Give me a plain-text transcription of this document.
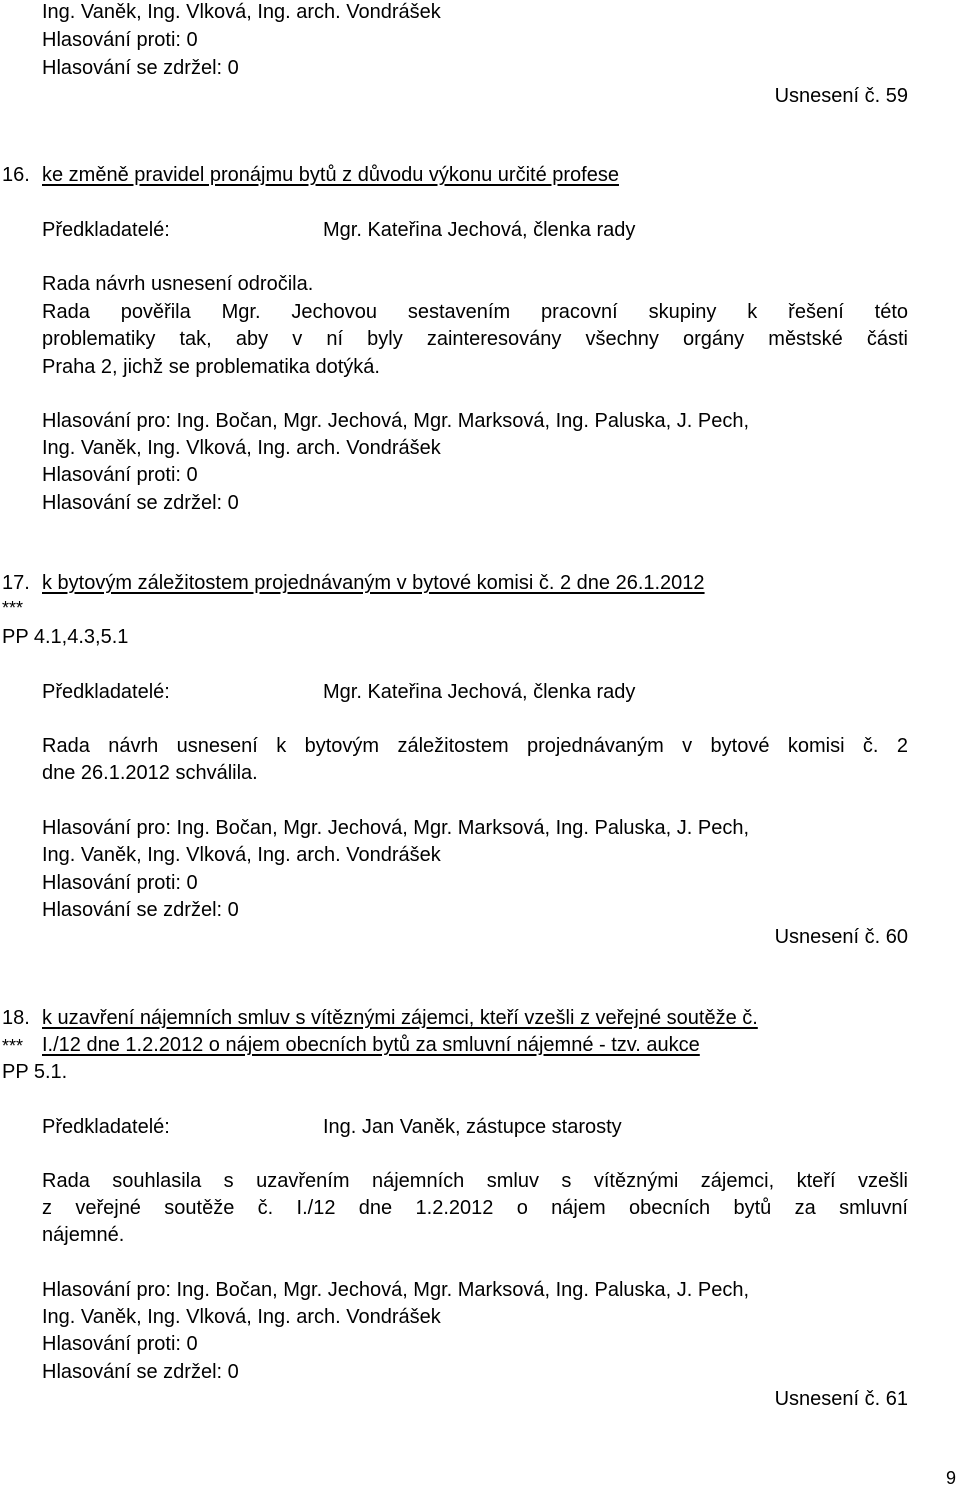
Ing. Vaněk, Ing. Vlková, Ing. arch. Vondrášek
Hlasování proti: 0
Hlasování se zdržel: 0
Usnesení č. 59
16. ke změně pravidel pronájmu bytů z důvodu výkonu určité profese
Předkladatelé:	Mgr. Kateřina Jechová, členka rady
Rada návrh usnesení odročila.
Rada pověřila Mgr. Jechovou sestavením pracovní skupiny k řešení této
problematiky tak, aby v ní byly zainteresovány všechny orgány městské části
Praha 2, jichž se problematika dotýká.
Hlasování pro: Ing. Bočan, Mgr. Jechová, Mgr. Marksová, Ing. Paluska, J. Pech,
Ing. Vaněk, Ing. Vlková, Ing. arch. Vondrášek
Hlasování proti: 0
Hlasování se zdržel: 0
17. k bytovým záležitostem projednávaným v bytové komisi č. 2 dne 26.1.2012
***
PP 4.1,4.3,5.1
Předkladatelé:	Mgr. Kateřina Jechová, členka rady
Rada návrh usnesení k bytovým záležitostem projednávaným v bytové komisi č. 2
dne 26.1.2012 schválila.
Hlasování pro: Ing. Bočan, Mgr. Jechová, Mgr. Marksová, Ing. Paluska, J. Pech,
Ing. Vaněk, Ing. Vlková, Ing. arch. Vondrášek
Hlasování proti: 0
Hlasování se zdržel: 0
Usnesení č. 60
18. k uzavření nájemních smluv s vítěznými zájemci, kteří vzešli z veřejné soutěže č.
*** I./12 dne 1.2.2012 o nájem obecních bytů za smluvní nájemné - tzv. aukce
PP 5.1.
Předkladatelé:	Ing. Jan Vaněk, zástupce starosty
Rada souhlasila s uzavřením nájemních smluv s vítěznými zájemci, kteří vzešli
z veřejné soutěže č. I./12 dne 1.2.2012 o nájem obecních bytů za smluvní
nájemné.
Hlasování pro: Ing. Bočan, Mgr. Jechová, Mgr. Marksová, Ing. Paluska, J. Pech,
Ing. Vaněk, Ing. Vlková, Ing. arch. Vondrášek
Hlasování proti: 0
Hlasování se zdržel: 0
Usnesení č. 61
9
